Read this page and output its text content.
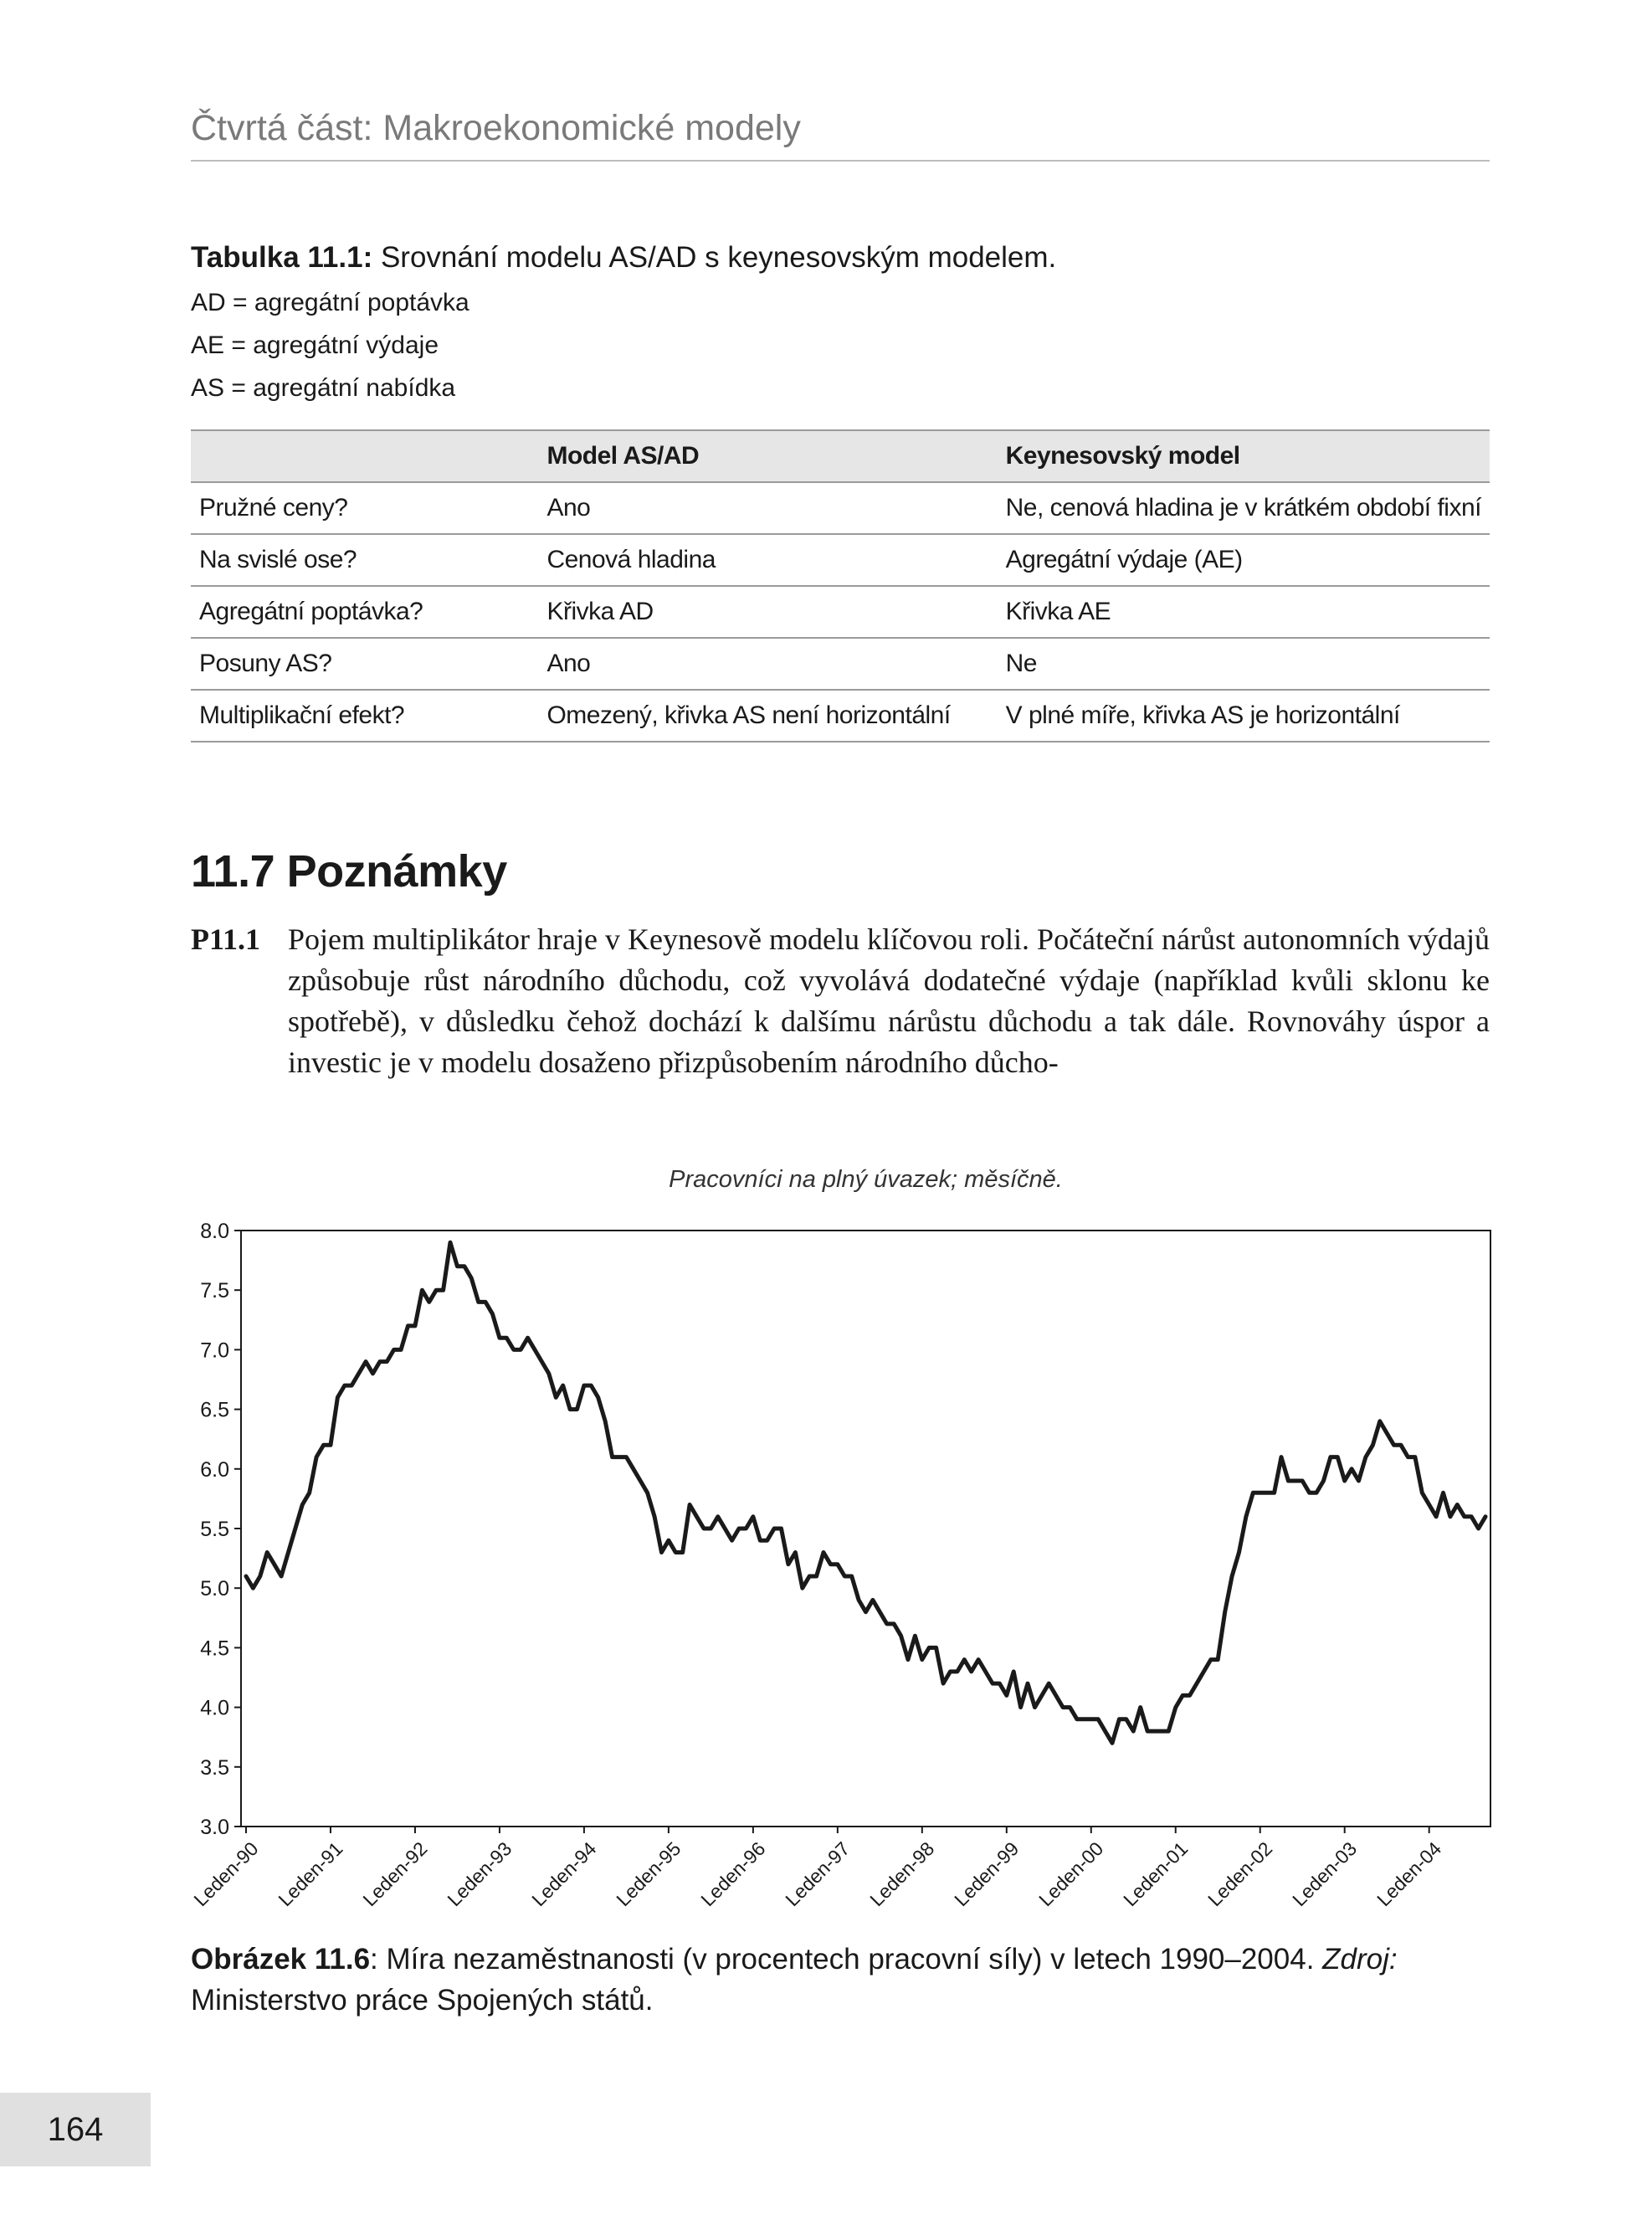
Čtvrtá část: Makroekonomické modely
Tabulka 11.1: Srovnání modelu AS/AD s keynesovským modelem.
AD = agregátní poptávka
AE = agregátní výdaje
AS = agregátní nabídka
	Model AS/AD	Keynesovský model
Pružné ceny?	Ano	Ne, cenová hladina je v krátkém období fixní
Na svislé ose?	Cenová hladina	Agregátní výdaje (AE)
Agregátní poptávka?	Křivka AD	Křivka AE
Posuny AS?	Ano	Ne
Multiplikační efekt?	Omezený, křivka AS není horizontální	V plné míře, křivka AS je horizontální
11.7 Poznámky
P11.1 Pojem multiplikátor hraje v Keynesově modelu klíčovou roli. Počáteční nárůst autonomních výdajů způsobuje růst národního důchodu, což vyvolává dodatečné výdaje (například kvůli sklonu ke spotřebě), v důsledku čehož dochází k dalšímu nárůstu důchodu a tak dále. Rovnováhy úspor a investic je v modelu dosaženo přizpůsobením národního důcho-
Pracovníci na plný úvazek; měsíčně.
3.0
3.5
4.0
4.5
5.0
5.5
6.0
6.5
7.0
7.5
8.0
Leden-90 Leden-91 Leden-92 Leden-93 Leden-94 Leden-95 Leden-96 Leden-97 Leden-98 Leden-99 Leden-00 Leden-01 Leden-02 Leden-03 Leden-04
Obrázek 11.6: Míra nezaměstnanosti (v procentech pracovní síly) v letech 1990–2004. Zdroj: Ministerstvo práce Spojených států.
164
